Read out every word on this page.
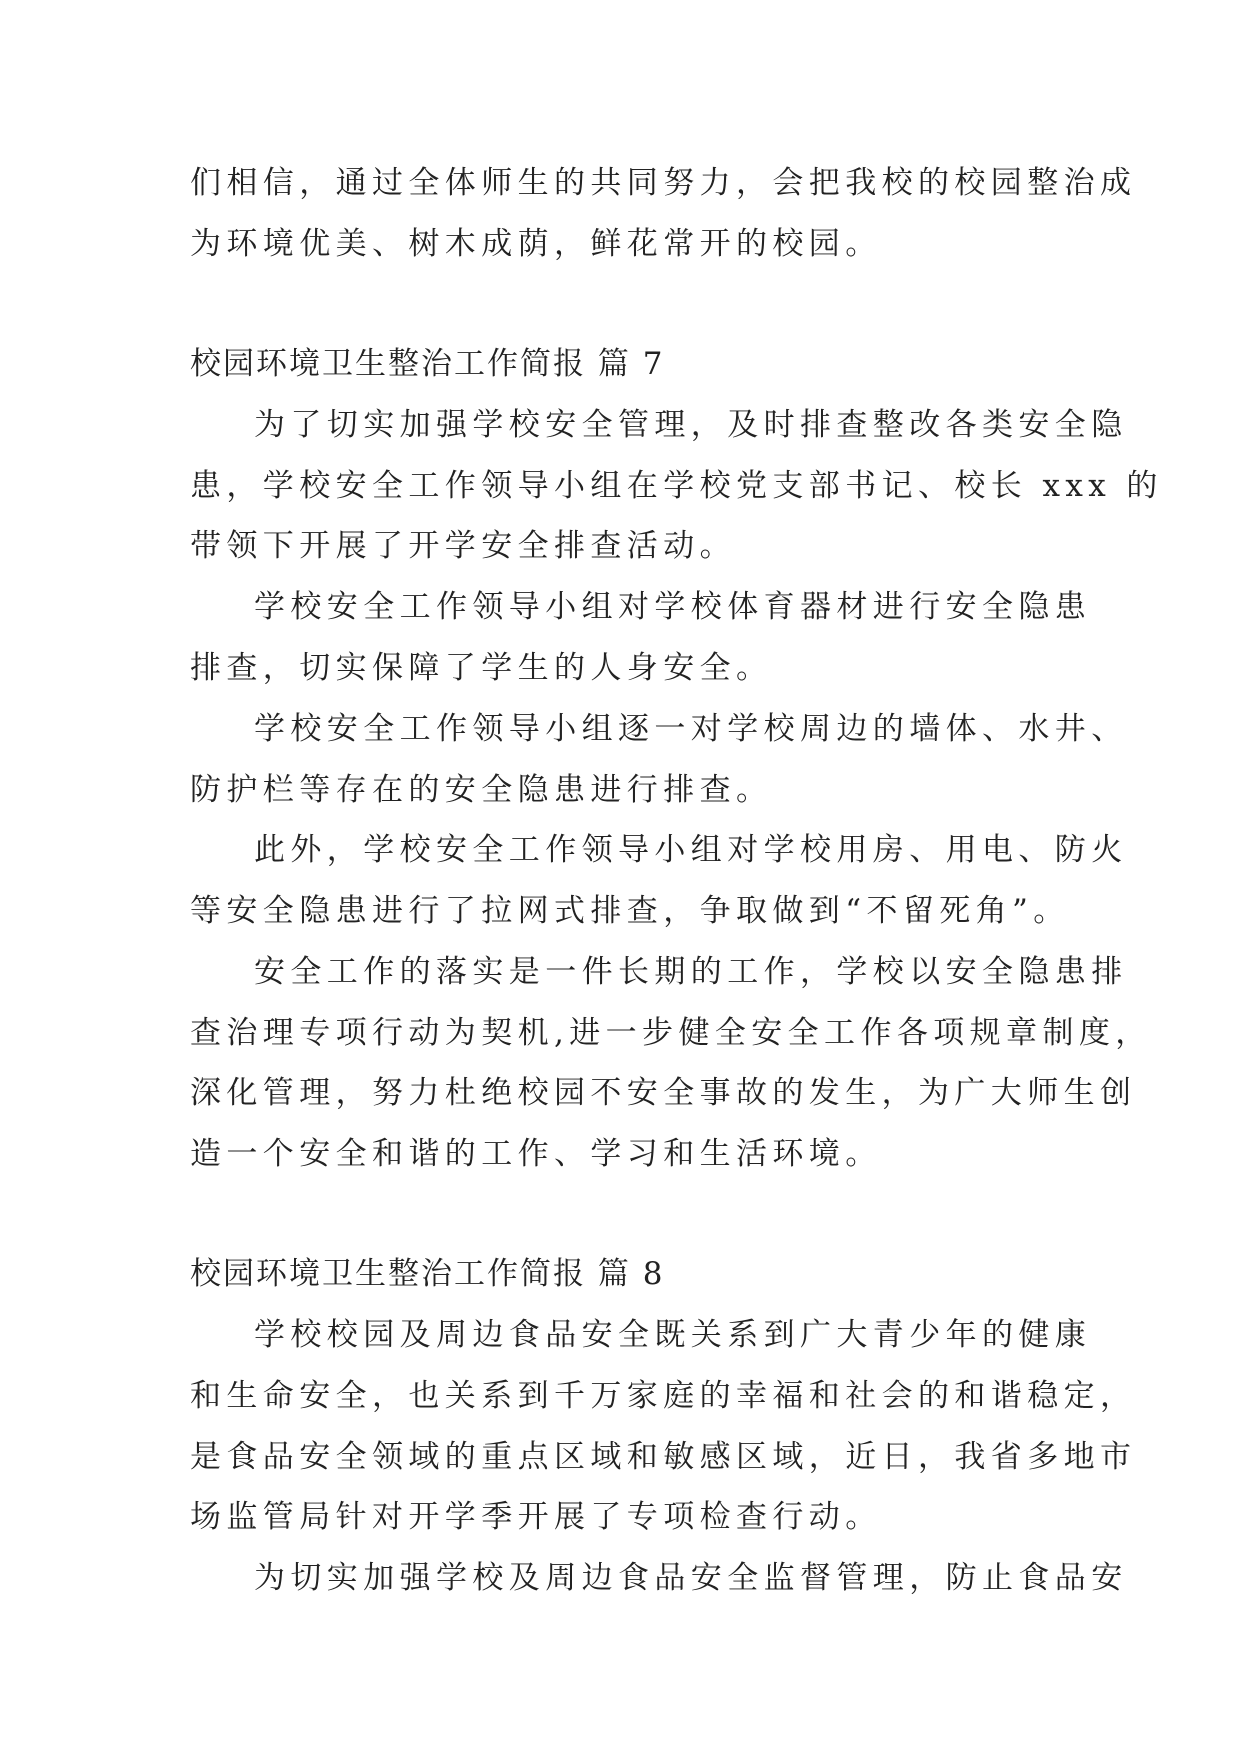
们相信，通过全体师生的共同努力，会把我校的校园整治成
为环境优美、树木成荫，鲜花常开的校园。
校园环境卫生整治工作简报 篇 7
为了切实加强学校安全管理，及时排查整改各类安全隐
患，学校安全工作领导小组在学校党支部书记、校长 xxx 的
带领下开展了开学安全排查活动。
学校安全工作领导小组对学校体育器材进行安全隐患
排查，切实保障了学生的人身安全。
学校安全工作领导小组逐一对学校周边的墙体、水井、
防护栏等存在的安全隐患进行排查。
此外，学校安全工作领导小组对学校用房、用电、防火
等安全隐患进行了拉网式排查，争取做到“不留死角”。
安全工作的落实是一件长期的工作，学校以安全隐患排
查治理专项行动为契机,进一步健全安全工作各项规章制度，
深化管理，努力杜绝校园不安全事故的发生，为广大师生创
造一个安全和谐的工作、学习和生活环境。
校园环境卫生整治工作简报 篇 8
学校校园及周边食品安全既关系到广大青少年的健康
和生命安全，也关系到千万家庭的幸福和社会的和谐稳定，
是食品安全领域的重点区域和敏感区域，近日，我省多地市
场监管局针对开学季开展了专项检查行动。
为切实加强学校及周边食品安全监督管理，防止食品安
